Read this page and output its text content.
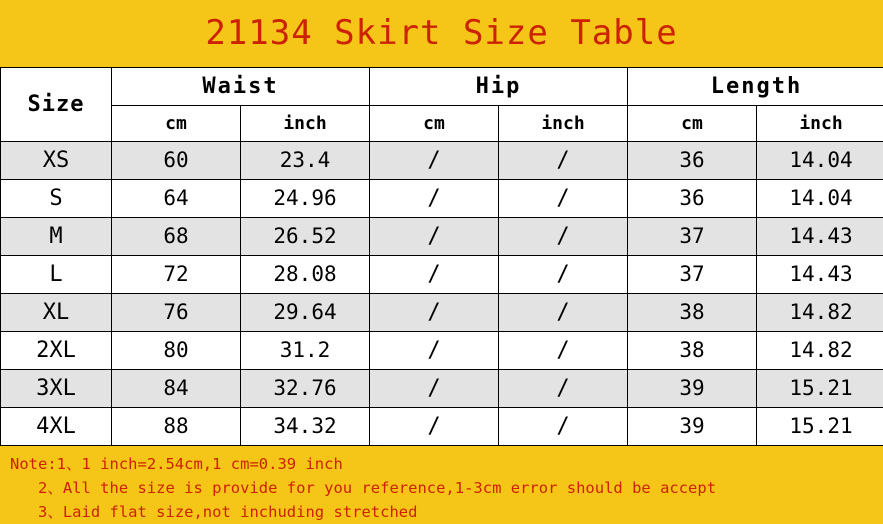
21134 Skirt Size Table
Size	Waist		Hip		Length	
	cm	inch	cm	inch	cm	inch
XS	60	23.4	/	/	36	14.04
S	64	24.96	/	/	36	14.04
M	68	26.52	/	/	37	14.43
L	72	28.08	/	/	37	14.43
XL	76	29.64	/	/	38	14.82
2XL	80	31.2	/	/	38	14.82
3XL	84	32.76	/	/	39	15.21
4XL	88	34.32	/	/	39	15.21
Note:1、1 inch=2.54cm,1 cm=0.39 inch
2、All the size is provide for you reference,1-3cm error should be accept
3、Laid flat size,not inchuding stretched
